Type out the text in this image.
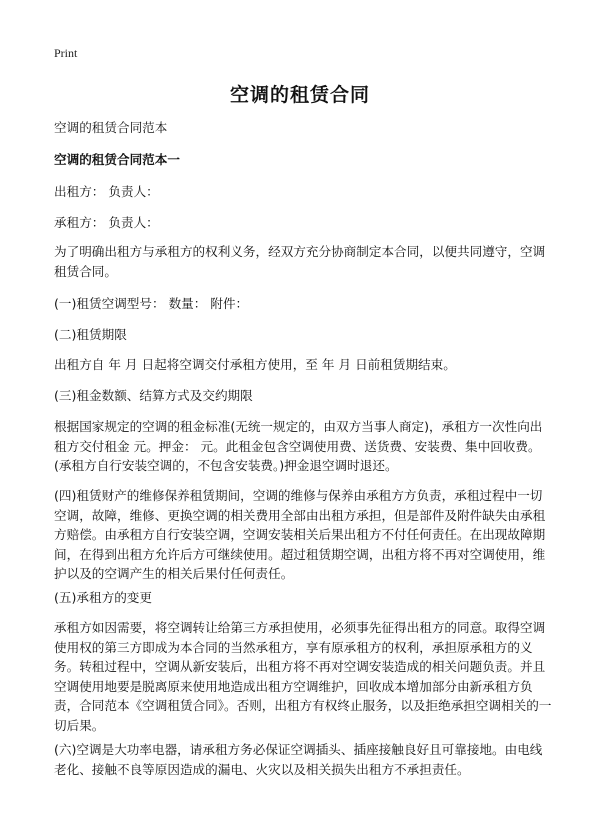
Print
空调的租赁合同

空调的租赁合同范本

空调的租赁合同范本一

出租方： 负责人：

承租方： 负责人：

为了明确出租方与承租方的权利义务，经双方充分协商制定本合同，以便共同遵守，空调租赁合同。

(一)租赁空调型号： 数量： 附件：

(二)租赁期限

出租方自 年 月 日起将空调交付承租方使用，至 年 月 日前租赁期结束。

(三)租金数额、结算方式及交约期限

根据国家规定的空调的租金标准(无统一规定的，由双方当事人商定)，承租方一次性向出租方交付租金 元。押金： 元。此租金包含空调使用费、送货费、安装费、集中回收费。(承租方自行安装空调的，不包含安装费。)押金退空调时退还。

(四)租赁财产的维修保养租赁期间，空调的维修与保养由承租方方负责，承租过程中一切空调，故障，维修、更换空调的相关费用全部由出租方承担，但是部件及附件缺失由承租方赔偿。由承租方自行安装空调，空调安装相关后果出租方不付任何责任。在出现故障期间，在得到出租方允许后方可继续使用。超过租赁期空调，出租方将不再对空调使用，维护以及的空调产生的相关后果付任何责任。

(五)承租方的变更

承租方如因需要，将空调转让给第三方承担使用，必须事先征得出租方的同意。取得空调使用权的第三方即成为本合同的当然承租方，享有原承租方的权利，承担原承租方的义务。转租过程中，空调从新安装后，出租方将不再对空调安装造成的相关问题负责。并且空调使用地要是脱离原来使用地造成出租方空调维护，回收成本增加部分由新承租方负责，合同范本《空调租赁合同》。否则，出租方有权终止服务，以及拒绝承担空调相关的一切后果。

(六)空调是大功率电器，请承租方务必保证空调插头、插座接触良好且可靠接地。由电线老化、接触不良等原因造成的漏电、火灾以及相关损失出租方不承担责任。
